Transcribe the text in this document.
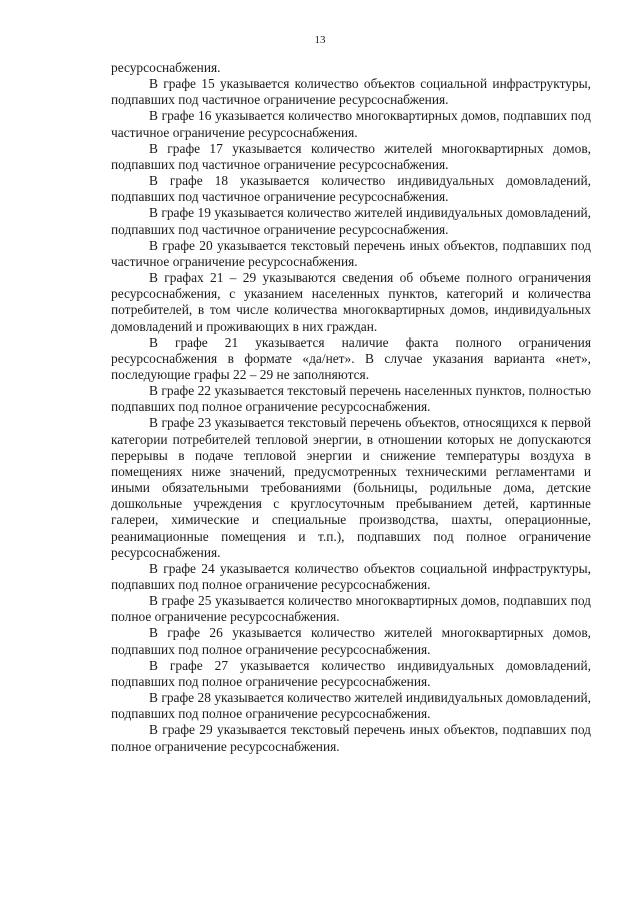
13

ресурсоснабжения.

В графе 15 указывается количество объектов социальной инфраструктуры, подпавших под частичное ограничение ресурсоснабжения.

В графе 16 указывается количество многоквартирных домов, подпавших под частичное ограничение ресурсоснабжения.

В графе 17 указывается количество жителей многоквартирных домов, подпавших под частичное ограничение ресурсоснабжения.

В графе 18 указывается количество индивидуальных домовладений, подпавших под частичное ограничение ресурсоснабжения.

В графе 19 указывается количество жителей индивидуальных домовладений, подпавших под частичное ограничение ресурсоснабжения.

В графе 20 указывается текстовый перечень иных объектов, подпавших под частичное ограничение ресурсоснабжения.

В графах 21 – 29 указываются сведения об объеме полного ограничения ресурсоснабжения, с указанием населенных пунктов, категорий и количества потребителей, в том числе количества многоквартирных домов, индивидуальных домовладений и проживающих в них граждан.

В графе 21 указывается наличие факта полного ограничения ресурсоснабжения в формате «да/нет». В случае указания варианта «нет», последующие графы 22 – 29 не заполняются.

В графе 22 указывается текстовый перечень населенных пунктов, полностью подпавших под полное ограничение ресурсоснабжения.

В графе 23 указывается текстовый перечень объектов, относящихся к первой категории потребителей тепловой энергии, в отношении которых не допускаются перерывы в подаче тепловой энергии и снижение температуры воздуха в помещениях ниже значений, предусмотренных техническими регламентами и иными обязательными требованиями (больницы, родильные дома, детские дошкольные учреждения с круглосуточным пребыванием детей, картинные галереи, химические и специальные производства, шахты, операционные, реанимационные помещения и т.п.), подпавших под полное ограничение ресурсоснабжения.

В графе 24 указывается количество объектов социальной инфраструктуры, подпавших под полное ограничение ресурсоснабжения.

В графе 25 указывается количество многоквартирных домов, подпавших под полное ограничение ресурсоснабжения.

В графе 26 указывается количество жителей многоквартирных домов, подпавших под полное ограничение ресурсоснабжения.

В графе 27 указывается количество индивидуальных домовладений, подпавших под полное ограничение ресурсоснабжения.

В графе 28 указывается количество жителей индивидуальных домовладений, подпавших под полное ограничение ресурсоснабжения.

В графе 29 указывается текстовый перечень иных объектов, подпавших под полное ограничение ресурсоснабжения.
